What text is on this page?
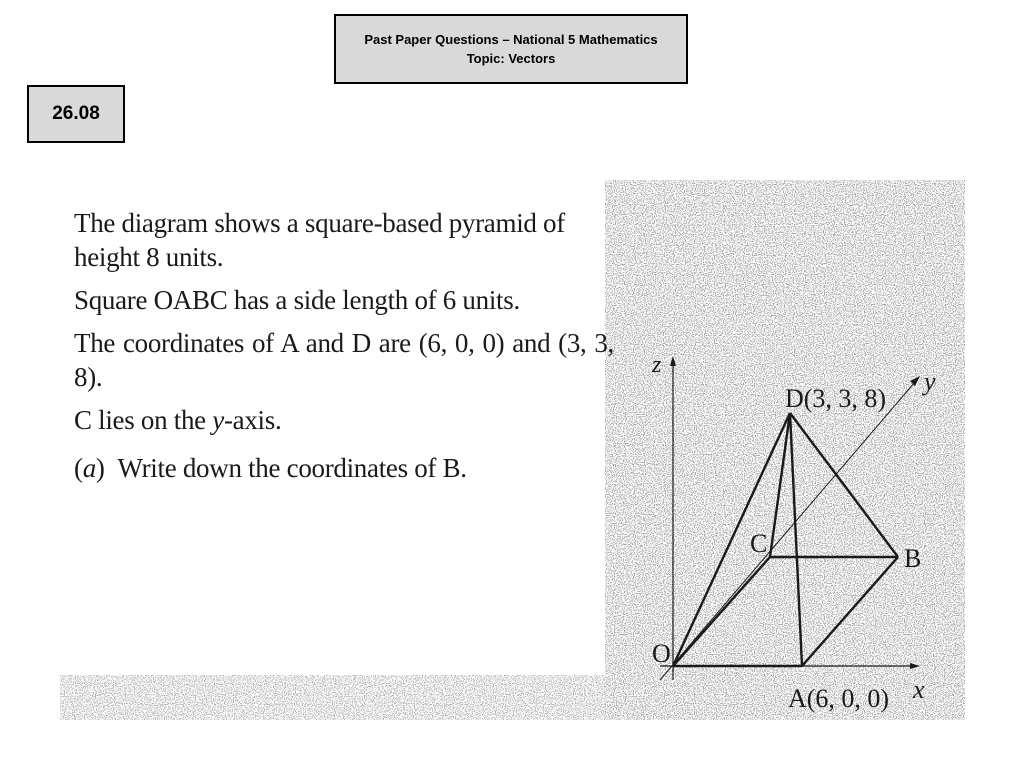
Past Paper Questions – National 5 Mathematics
Topic: Vectors
26.08

The diagram shows a square-based pyramid of height 8 units.

Square OABC has a side length of 6 units.

The coordinates of A and D are (6, 0, 0) and (3, 3, 8).

C lies on the y-axis.

(a) Write down the coordinates of B.

z
y
x
O
A(6, 0, 0)
B
C
D(3, 3, 8)
